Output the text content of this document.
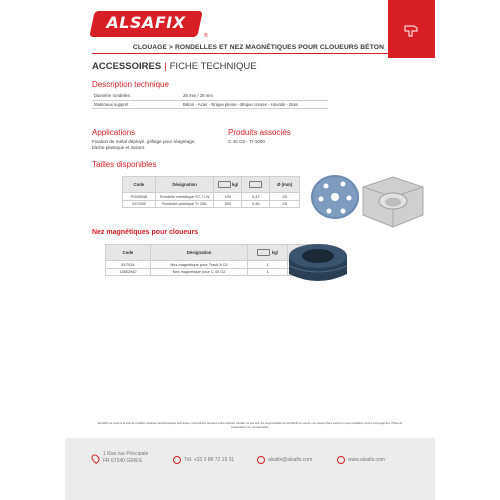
ALSAFIX
®
CLOUAGE > RONDELLES ET NEZ MAGNÉTIQUES POUR CLOUEURS BÉTON
ACCESSOIRES | FICHE TECHNIQUE
Description technique
Diamètre rondelles	25 mm / 28 mm
Matériaux support	Béton - Acier - Brique pleine - Brique creuse - Hourdis - Bois
Applications
Fixation de métal déployé, grillage pour réagréage, bâche plastique et isolant.
Produits associés
C 40 G2 - TI-1000
Tailles disponibles
Code	Désignation	kg/		Ø (mm)
PO55546	Rondelle métallique ST-7 LN	100	0,47	25
5X7036	Rondelle plastique TI CBL	800	0,36	28
Nez magnétiques pour cloueurs
Code	Désignation	kg/	

5X7034	Nez magnétique pour Track-it C6	1	
13852942	Nez magnétique pour C 40 G2	1	
ALSAFIX se réserve le droit de modifier certaines caractéristiques techniques. Informations données à titre indicatif. Veuillez ne pas tenir les responsabilité de l'ALSAFIX en cas de non-respect dans calcul et mises probables proprio à bruyage des. Photo de présentation non contractuelles.
1 Rue rue Principale
FR 67240 GRIES	Tél. +33 3 88 72 19 31	alsafix@alsafix.com	www.alsafix.com
